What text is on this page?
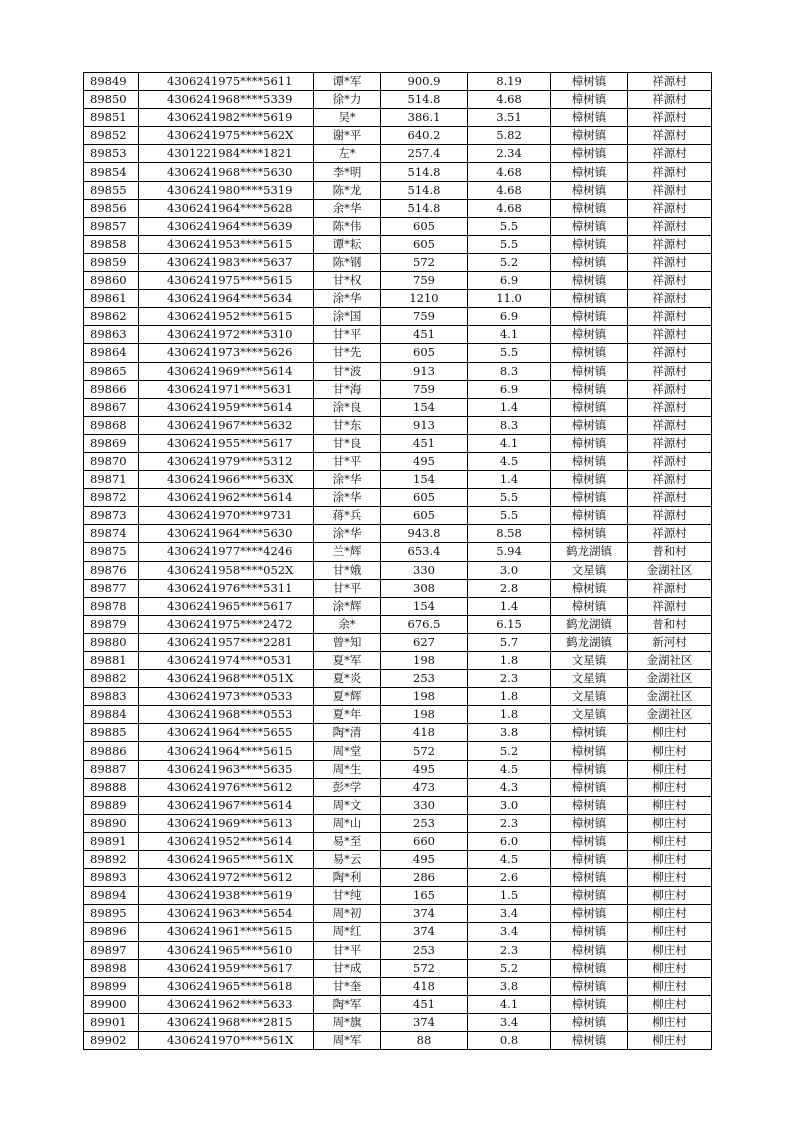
89849	4306241975****5611	谭*军	900.9	8.19	樟树镇	祥源村
89850	4306241968****5339	徐*力	514.8	4.68	樟树镇	祥源村
89851	4306241982****5619	吴*	386.1	3.51	樟树镇	祥源村
89852	4306241975****562X	谢*平	640.2	5.82	樟树镇	祥源村
89853	4301221984****1821	左*	257.4	2.34	樟树镇	祥源村
89854	4306241968****5630	李*明	514.8	4.68	樟树镇	祥源村
89855	4306241980****5319	陈*龙	514.8	4.68	樟树镇	祥源村
89856	4306241964****5628	余*华	514.8	4.68	樟树镇	祥源村
89857	4306241964****5639	陈*伟	605	5.5	樟树镇	祥源村
89858	4306241953****5615	谭*耘	605	5.5	樟树镇	祥源村
89859	4306241983****5637	陈*钢	572	5.2	樟树镇	祥源村
89860	4306241975****5615	甘*权	759	6.9	樟树镇	祥源村
89861	4306241964****5634	涂*华	1210	11.0	樟树镇	祥源村
89862	4306241952****5615	涂*国	759	6.9	樟树镇	祥源村
89863	4306241972****5310	甘*平	451	4.1	樟树镇	祥源村
89864	4306241973****5626	甘*先	605	5.5	樟树镇	祥源村
89865	4306241969****5614	甘*波	913	8.3	樟树镇	祥源村
89866	4306241971****5631	甘*海	759	6.9	樟树镇	祥源村
89867	4306241959****5614	涂*良	154	1.4	樟树镇	祥源村
89868	4306241967****5632	甘*东	913	8.3	樟树镇	祥源村
89869	4306241955****5617	甘*良	451	4.1	樟树镇	祥源村
89870	4306241979****5312	甘*平	495	4.5	樟树镇	祥源村
89871	4306241966****563X	涂*华	154	1.4	樟树镇	祥源村
89872	4306241962****5614	涂*华	605	5.5	樟树镇	祥源村
89873	4306241970****9731	蒋*兵	605	5.5	樟树镇	祥源村
89874	4306241964****5630	涂*华	943.8	8.58	樟树镇	祥源村
89875	4306241977****4246	兰*辉	653.4	5.94	鹤龙湖镇	普和村
89876	4306241958****052X	甘*娥	330	3.0	文星镇	金湖社区
89877	4306241976****5311	甘*平	308	2.8	樟树镇	祥源村
89878	4306241965****5617	涂*辉	154	1.4	樟树镇	祥源村
89879	4306241975****2472	余*	676.5	6.15	鹤龙湖镇	普和村
89880	4306241957****2281	曾*知	627	5.7	鹤龙湖镇	新河村
89881	4306241974****0531	夏*军	198	1.8	文星镇	金湖社区
89882	4306241968****051X	夏*炎	253	2.3	文星镇	金湖社区
89883	4306241973****0533	夏*辉	198	1.8	文星镇	金湖社区
89884	4306241968****0553	夏*年	198	1.8	文星镇	金湖社区
89885	4306241964****5655	陶*清	418	3.8	樟树镇	柳庄村
89886	4306241964****5615	周*堂	572	5.2	樟树镇	柳庄村
89887	4306241963****5635	周*生	495	4.5	樟树镇	柳庄村
89888	4306241976****5612	彭*学	473	4.3	樟树镇	柳庄村
89889	4306241967****5614	周*文	330	3.0	樟树镇	柳庄村
89890	4306241969****5613	周*山	253	2.3	樟树镇	柳庄村
89891	4306241952****5614	易*至	660	6.0	樟树镇	柳庄村
89892	4306241965****561X	易*云	495	4.5	樟树镇	柳庄村
89893	4306241972****5612	陶*利	286	2.6	樟树镇	柳庄村
89894	4306241938****5619	甘*纯	165	1.5	樟树镇	柳庄村
89895	4306241963****5654	周*初	374	3.4	樟树镇	柳庄村
89896	4306241961****5615	周*红	374	3.4	樟树镇	柳庄村
89897	4306241965****5610	甘*平	253	2.3	樟树镇	柳庄村
89898	4306241959****5617	甘*成	572	5.2	樟树镇	柳庄村
89899	4306241965****5618	甘*奎	418	3.8	樟树镇	柳庄村
89900	4306241962****5633	陶*军	451	4.1	樟树镇	柳庄村
89901	4306241968****2815	周*旗	374	3.4	樟树镇	柳庄村
89902	4306241970****561X	周*军	88	0.8	樟树镇	柳庄村
